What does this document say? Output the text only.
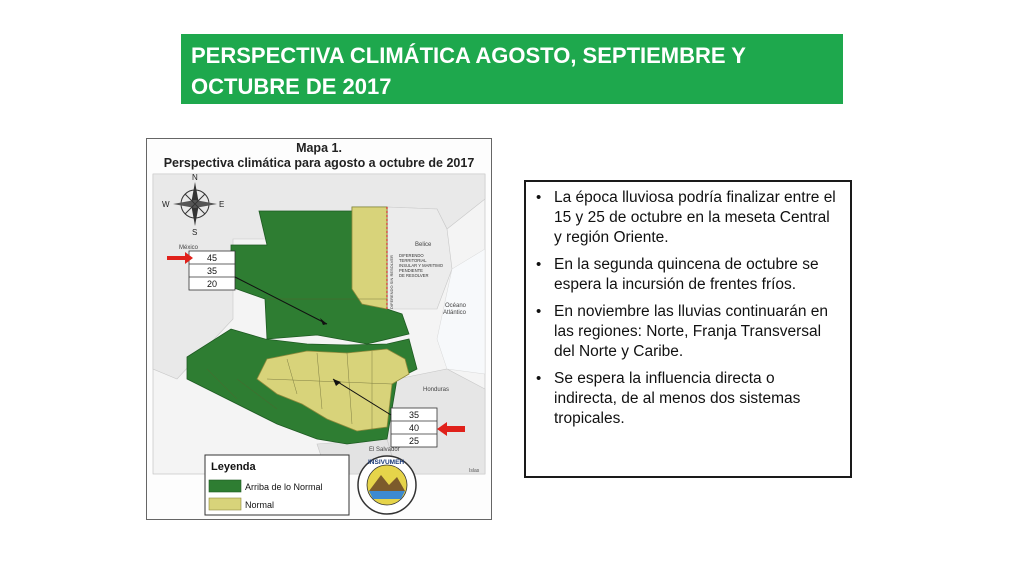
PERSPECTIVA CLIMÁTICA AGOSTO, SEPTIEMBRE Y
OCTUBRE DE 2017
Mapa 1.
Perspectiva climática para agosto a octubre de 2017
N
S
E
W
México	Belice
Océano
Atlántico
Honduras
El Salvador
Islas
DIFERENDO
TERRITORIAL
INSULAR Y MARITIMO
PENDIENTE
DE RESOLVER
DIFERENDO SIN RESOLVER
45
35
20
35
40
25
Leyenda
Arriba de lo Normal
Normal
INSIVUMEH
• La época lluviosa podría finalizar entre el 15 y 25 de octubre en la meseta Central y región Oriente.
• En la segunda quincena de octubre se espera la incursión de frentes fríos.
• En noviembre las lluvias continuarán en las regiones: Norte, Franja Transversal del Norte y Caribe.
• Se espera la influencia directa o indirecta, de al menos dos sistemas tropicales.
